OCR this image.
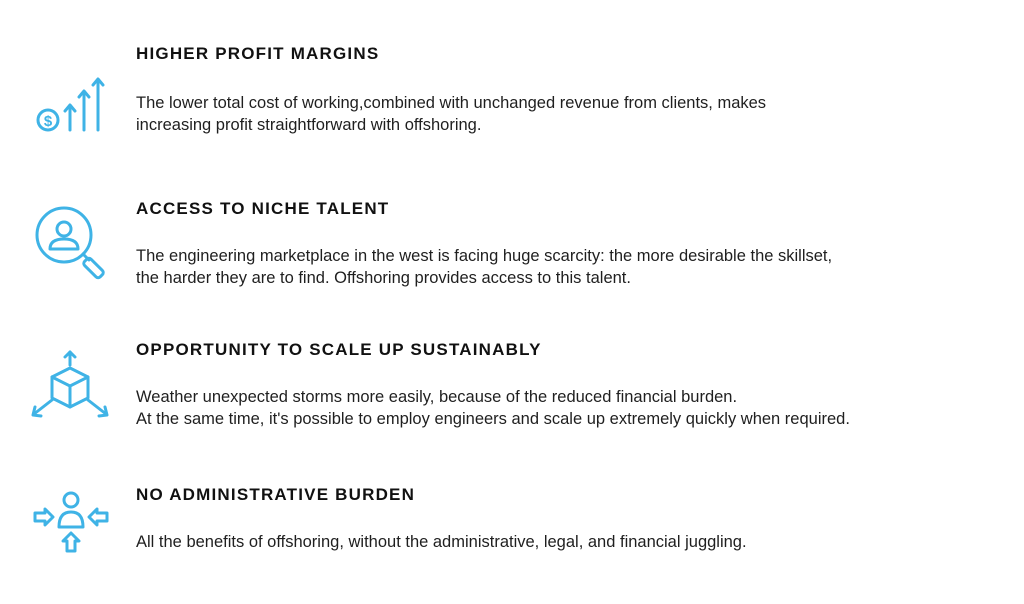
$
HIGHER PROFIT MARGINS

The lower total cost of working,combined with unchanged revenue from clients, makes
increasing profit straightforward with offshoring.

ACCESS TO NICHE TALENT

The engineering marketplace in the west is facing huge scarcity: the more desirable the skillset,
the harder they are to find. Offshoring provides access to this talent.

OPPORTUNITY TO SCALE UP SUSTAINABLY

Weather unexpected storms more easily, because of the reduced financial burden.
At the same time, it's possible to employ engineers and scale up extremely quickly when required.

NO ADMINISTRATIVE BURDEN

All the benefits of offshoring, without the administrative, legal, and financial juggling.
